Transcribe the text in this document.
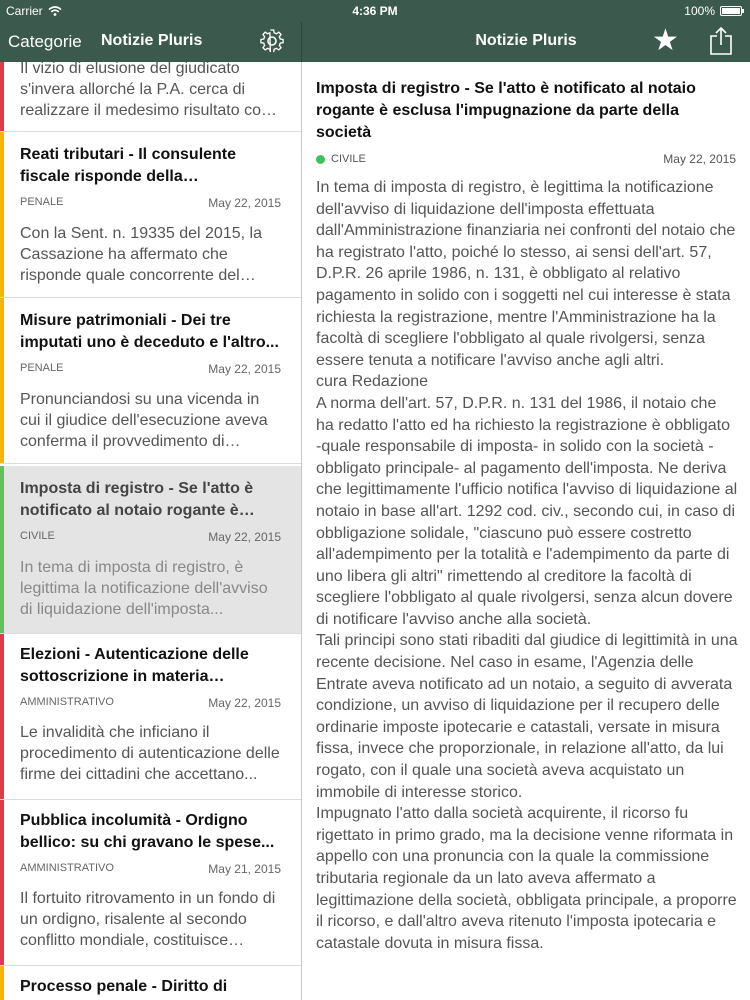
Carrier	4:36 PM	100%
Categorie Notizie Pluris	Notizie Pluris	★
Il vizio di elusione del giudicato s'invera allorché la P.A. cerca di realizzare il medesimo risultato con
Reati tributari - Il consulente fiscale risponde della
PENALE	May 22, 2015
Con la Sent. n. 19335 del 2015, la Cassazione ha affermato che risponde quale concorrente del
Misure patrimoniali - Dei tre imputati uno è deceduto e l'altro...
PENALE	May 22, 2015
Pronunciandosi su una vicenda in cui il giudice dell'esecuzione aveva conferma il provvedimento di
Imposta di registro - Se l'atto è notificato al notaio rogante è
CIVILE	May 22, 2015
In tema di imposta di registro, è legittima la notificazione dell'avviso di liquidazione dell'imposta...
Elezioni - Autenticazione delle sottoscrizione in materia
AMMINISTRATIVO	May 22, 2015
Le invalidità che inficiano il procedimento di autenticazione delle firme dei cittadini che accettano...
Pubblica incolumità - Ordigno bellico: su chi gravano le spese...
AMMINISTRATIVO	May 21, 2015
Il fortuito ritrovamento in un fondo di un ordigno, risalente al secondo conflitto mondiale, costituisce
Processo penale - Diritto di
Imposta di registro - Se l'atto è notificato al notaio rogante è esclusa l'impugnazione da parte della società
CIVILE	May 22, 2015
In tema di imposta di registro, è legittima la notificazione dell'avviso di liquidazione dell'imposta effettuata dall'Amministrazione finanziaria nei confronti del notaio che ha registrato l'atto, poiché lo stesso, ai sensi dell'art. 57, D.P.R. 26 aprile 1986, n. 131, è obbligato al relativo pagamento in solido con i soggetti nel cui interesse è stata richiesta la registrazione, mentre l'Amministrazione ha la facoltà di scegliere l'obbligato al quale rivolgersi, senza essere tenuta a notificare l'avviso anche agli altri.
cura Redazione
A norma dell'art. 57, D.P.R. n. 131 del 1986, il notaio che ha redatto l'atto ed ha richiesto la registrazione è obbligato -quale responsabile di imposta- in solido con la società -obbligato principale- al pagamento dell'imposta. Ne deriva che legittimamente l'ufficio notifica l'avviso di liquidazione al notaio in base all'art. 1292 cod. civ., secondo cui, in caso di obbligazione solidale, "ciascuno può essere costretto all'adempimento per la totalità e l'adempimento da parte di uno libera gli altri" rimettendo al creditore la facoltà di scegliere l'obbligato al quale rivolgersi, senza alcun dovere di notificare l'avviso anche alla società.
Tali principi sono stati ribaditi dal giudice di legittimità in una recente decisione. Nel caso in esame, l'Agenzia delle Entrate aveva notificato ad un notaio, a seguito di avverata condizione, un avviso di liquidazione per il recupero delle ordinarie imposte ipotecarie e catastali, versate in misura fissa, invece che proporzionale, in relazione all'atto, da lui rogato, con il quale una società aveva acquistato un immobile di interesse storico.
Impugnato l'atto dalla società acquirente, il ricorso fu rigettato in primo grado, ma la decisione venne riformata in appello con una pronuncia con la quale la commissione tributaria regionale da un lato aveva affermato a legittimazione della società, obbligata principale, a proporre il ricorso, e dall'altro aveva ritenuto l'imposta ipotecaria e catastale dovuta in misura fissa.
